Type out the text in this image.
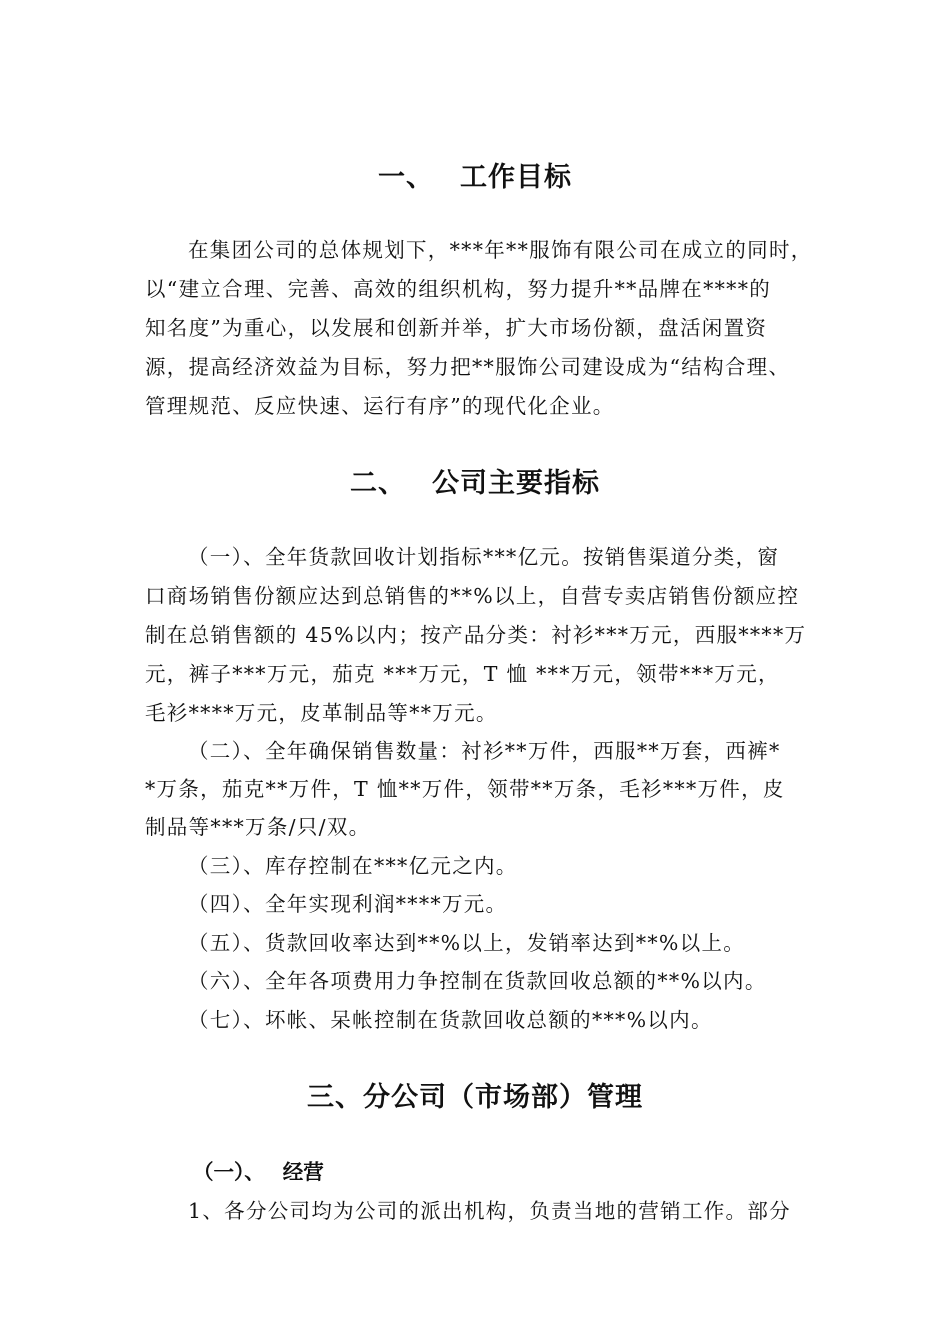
一、 工作目标

在集团公司的总体规划下，***年**服饰有限公司在成立的同时，

以“建立合理、完善、高效的组织机构，努力提升**品牌在****的

知名度”为重心，以发展和创新并举，扩大市场份额，盘活闲置资

源，提高经济效益为目标，努力把**服饰公司建设成为“结构合理、

管理规范、反应快速、运行有序”的现代化企业。

二、 公司主要指标

（一）、全年货款回收计划指标***亿元。按销售渠道分类，窗

口商场销售份额应达到总销售的**%以上，自营专卖店销售份额应控

制在总销售额的 45%以内；按产品分类：衬衫***万元，西服****万

元，裤子***万元，茄克 ***万元，T 恤 ***万元，领带***万元，

毛衫****万元，皮革制品等**万元。

（二）、全年确保销售数量：衬衫**万件，西服**万套，西裤*

*万条，茄克**万件，T 恤**万件，领带**万条，毛衫***万件，皮

制品等***万条/只/双。

（三）、库存控制在***亿元之内。

（四）、全年实现利润****万元。

（五）、货款回收率达到**%以上，发销率达到**%以上。

（六）、全年各项费用力争控制在货款回收总额的**%以内。

（七）、坏帐、呆帐控制在货款回收总额的***%以内。

三、分公司（市场部）管理

（一）、 经营

1、各分公司均为公司的派出机构，负责当地的营销工作。部分
